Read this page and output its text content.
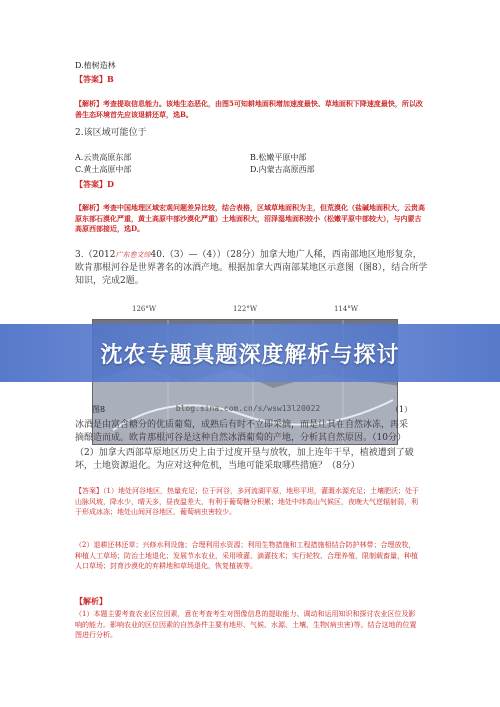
D.植树造林
【答案】B
【解析】考查提取信息能力。该地生态恶化，由图5可知耕地面积增加速度最快、草地面积下降速度最快，所以改善生态环境首先应该退耕还草，选B。
2.该区域可能位于
A.云贵高原东部	B.松嫩平原中部
C.黄土高原中部	D.内蒙古高原西部
【答案】D
【解析】考查中国地理区域宏观问题差异比较，结合表格，区域草地面积为主，但荒漠化（盐碱地面积大，云贵高原东部石漠化严重，黄土高原中部沙漠化严重）土地面积大，沼泽湿地面积较小（松嫩平原中部较大），与内蒙古高原西部接近，选D。
3.（2012广东卷文综40.（3）—（4））（28分）加拿大地广人稀，西南部地区地形复杂，欧肯那根河谷是世界著名的冰酒产地。根据加拿大西南部某地区示意图（图8），结合所学知识，完成2题。
126°W	122°W	114°W
沈农专题真题深度解析与探讨
图8	blog.sina.com.cn/s/wsw13l20022	（1）
冰酒是由富含糖分的优质葡萄，成熟后有时不立即采摘，而是让其在自然冰冻，再采摘酿造而成。欧肯那根河谷是这种自然冰酒葡萄的产地，分析其自然原因。（10分）
（2）加拿大西部草原地区历史上由于过度开垦与放牧，加上连年干旱，植被遭到了破坏，土地资源退化。为应对这种危机，当地可能采取哪些措施？（8分）
【答案】（1）地处河谷地区，热量充足；位于河谷，多河流湖平原，地形平坦，灌溉水源充足；土壤肥沃；处于山脉风坡，降水少，晴天多，昼夜温差大，有利于葡萄糖分积累；地处中纬高山气候区，夜晚大气逆辐射弱，利于形成冰冻；地处山间河谷地区，葡萄病虫害较少。
（2）退耕还林还草；兴修水利设施；合理利用水资源；利用生物措施和工程措施相结合防护林带；合理放牧，种植人工草场；防治土地退化；发展节水农业，采用喷灌、滴灌技术；实行轮牧、合理养殖，限制载畜量，种植人口草场；封育沙漠化的弃耕地和草场退化，恢复植被等。
【解析】
（1）本题主要考查农业区位因素，意在考查考生对图像信息的提取能力、调动和运用知识和探讨农业区位及影响的能力。影响农业的区位因素的自然条件主要有地形、气候、水源、土壤、生物(病虫害)等。结合这地的位置图进行分析。
